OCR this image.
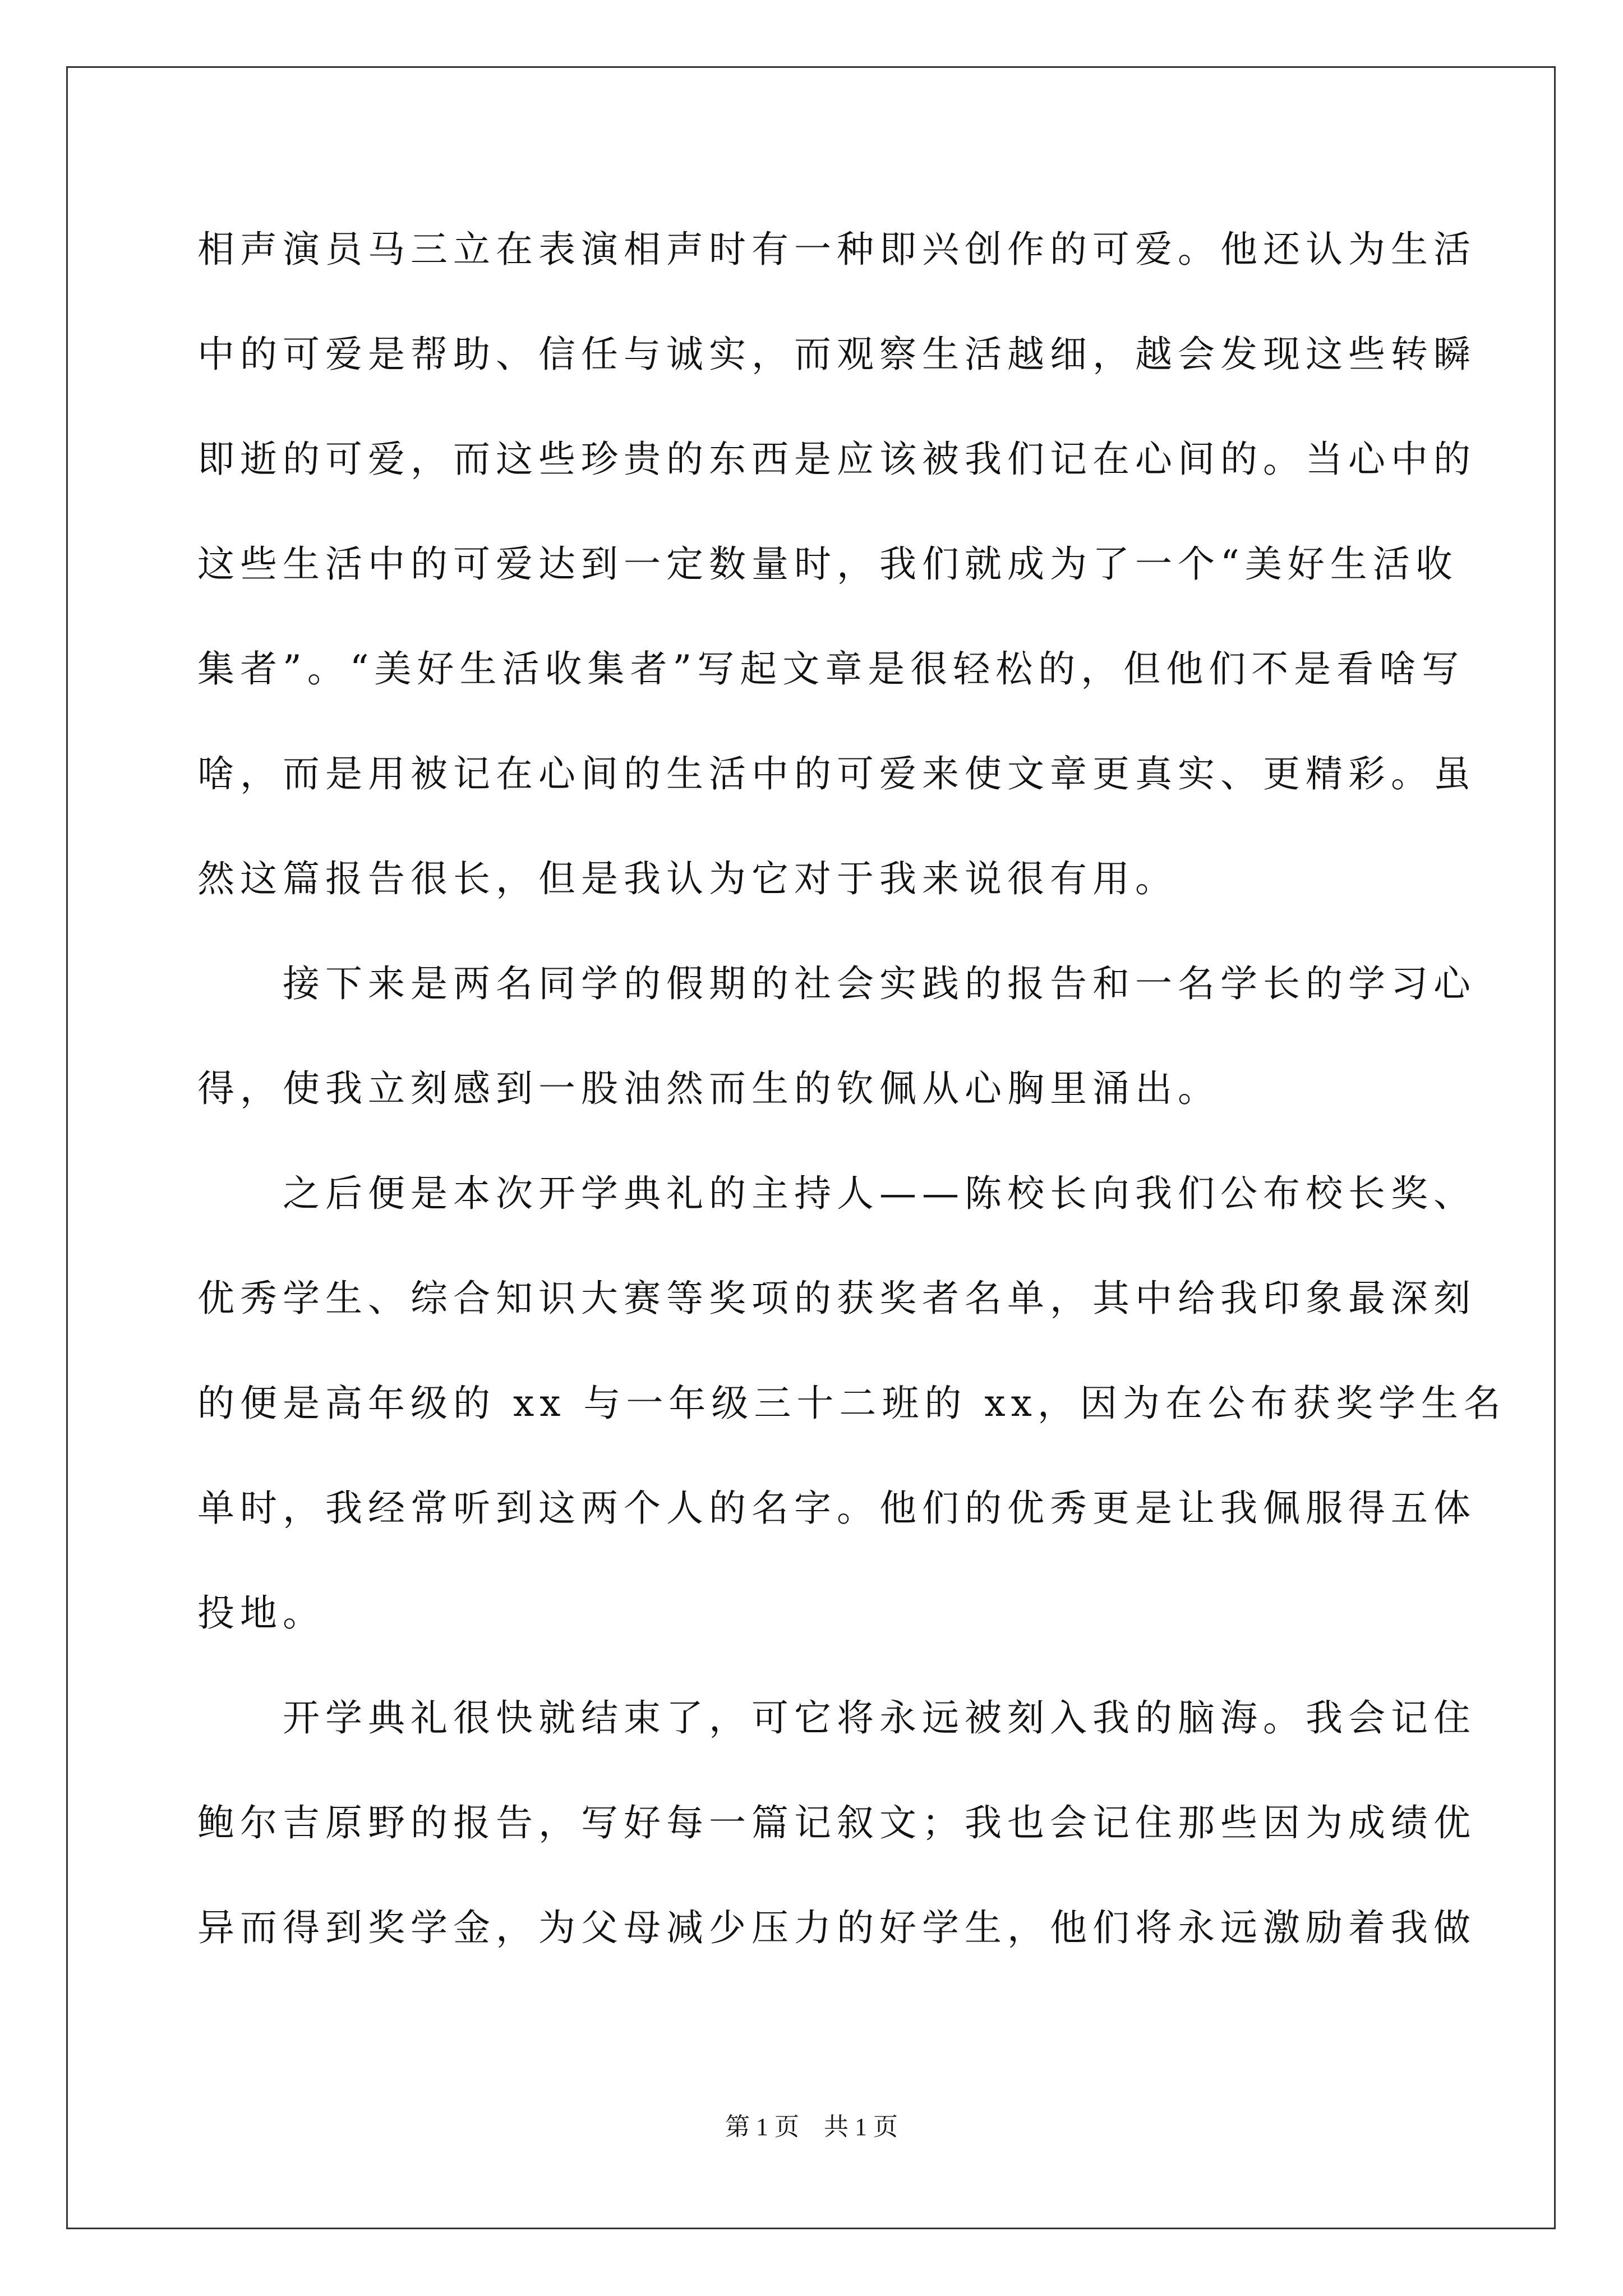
相声演员马三立在表演相声时有一种即兴创作的可爱。他还认为生活
中的可爱是帮助、信任与诚实，而观察生活越细，越会发现这些转瞬
即逝的可爱，而这些珍贵的东西是应该被我们记在心间的。当心中的
这些生活中的可爱达到一定数量时，我们就成为了一个“美好生活收
集者”。“美好生活收集者”写起文章是很轻松的，但他们不是看啥写
啥，而是用被记在心间的生活中的可爱来使文章更真实、更精彩。虽
然这篇报告很长，但是我认为它对于我来说很有用。
接下来是两名同学的假期的社会实践的报告和一名学长的学习心
得，使我立刻感到一股油然而生的钦佩从心胸里涌出。
之后便是本次开学典礼的主持人——陈校长向我们公布校长奖、
优秀学生、综合知识大赛等奖项的获奖者名单，其中给我印象最深刻
的便是高年级的 xx 与一年级三十二班的 xx，因为在公布获奖学生名
单时，我经常听到这两个人的名字。他们的优秀更是让我佩服得五体
投地。
开学典礼很快就结束了，可它将永远被刻入我的脑海。我会记住
鲍尔吉原野的报告，写好每一篇记叙文；我也会记住那些因为成绩优
异而得到奖学金，为父母减少压力的好学生，他们将永远激励着我做
第 1 页　共 1 页
